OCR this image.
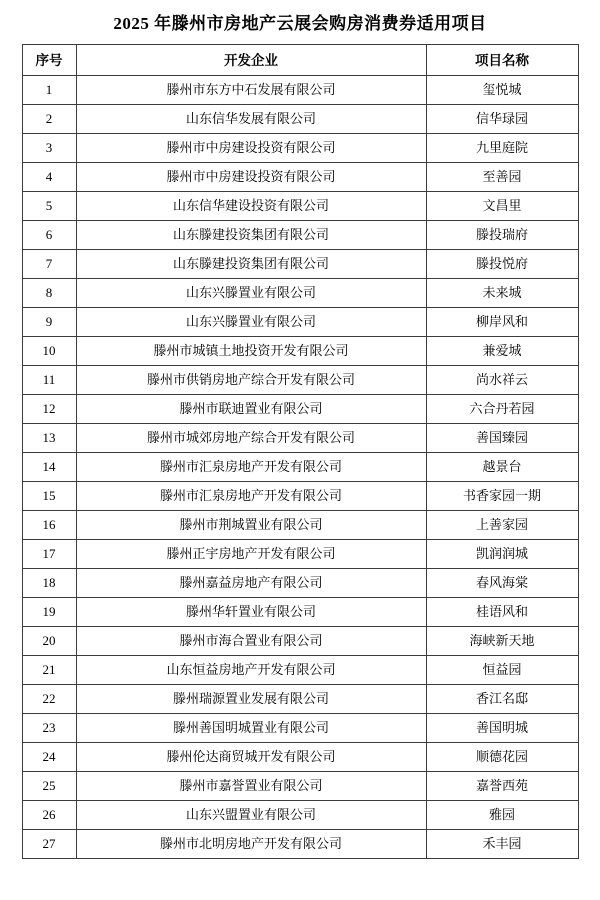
2025 年滕州市房地产云展会购房消费券适用项目
序号	开发企业	项目名称
1	滕州市东方中石发展有限公司	玺悦城
2	山东信华发展有限公司	信华琭园
3	滕州市中房建设投资有限公司	九里庭院
4	滕州市中房建设投资有限公司	至善园
5	山东信华建设投资有限公司	文昌里
6	山东滕建投资集团有限公司	滕投瑞府
7	山东滕建投资集团有限公司	滕投悦府
8	山东兴滕置业有限公司	未来城
9	山东兴滕置业有限公司	柳岸风和
10	滕州市城镇土地投资开发有限公司	兼爱城
11	滕州市供销房地产综合开发有限公司	尚水祥云
12	滕州市联迪置业有限公司	六合丹若园
13	滕州市城郊房地产综合开发有限公司	善国臻园
14	滕州市汇泉房地产开发有限公司	越景台
15	滕州市汇泉房地产开发有限公司	书香家园一期
16	滕州市荆城置业有限公司	上善家园
17	滕州正宇房地产开发有限公司	凯润润城
18	滕州嘉益房地产有限公司	春风海棠
19	滕州华轩置业有限公司	桂语风和
20	滕州市海合置业有限公司	海峡新天地
21	山东恒益房地产开发有限公司	恒益园
22	滕州瑞源置业发展有限公司	香江名邸
23	滕州善国明城置业有限公司	善国明城
24	滕州伦达商贸城开发有限公司	顺德花园
25	滕州市嘉誉置业有限公司	嘉誉西苑
26	山东兴盟置业有限公司	雅园
27	滕州市北明房地产开发有限公司	禾丰园
